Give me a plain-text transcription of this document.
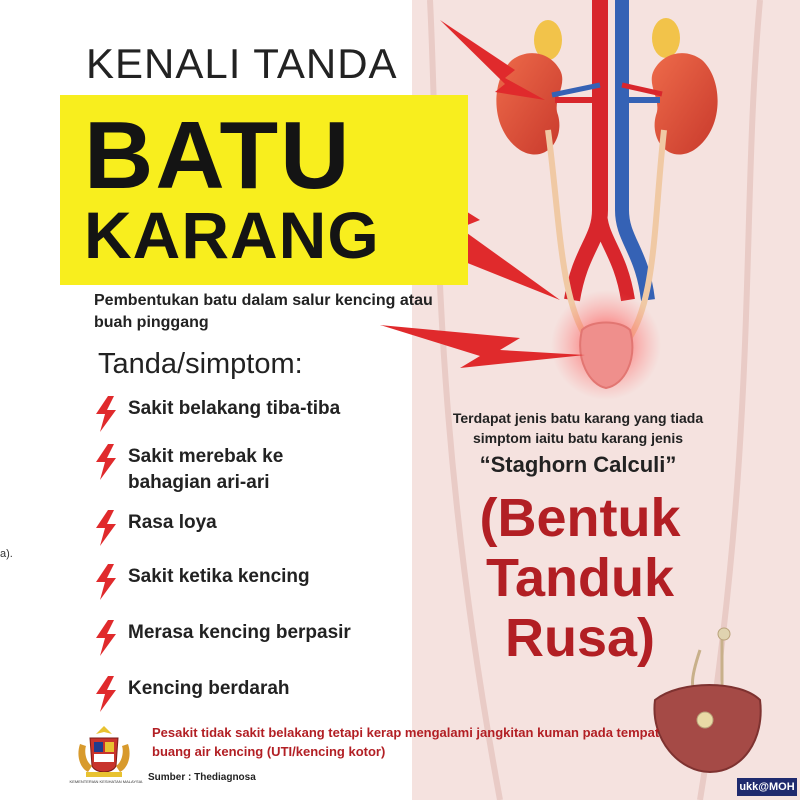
KENALI TANDA
BATU
KARANG
Pembentukan batu dalam salur kencing atau buah pinggang
Tanda/simptom:
Sakit belakang tiba-tiba
Sakit merebak ke bahagian ari-ari
Rasa loya
Sakit ketika kencing
Merasa kencing berpasir
Kencing berdarah
a).
Terdapat jenis batu karang yang tiada simptom iaitu batu karang jenis
“Staghorn Calculi”
(Bentuk Tanduk Rusa)
KEMENTERIAN KESIHATAN MALAYSIA
Pesakit tidak sakit belakang tetapi kerap mengalami jangkitan kuman pada tempat buang air kencing (UTI/kencing kotor)
Sumber : Thediagnosa
ukk@MOH
